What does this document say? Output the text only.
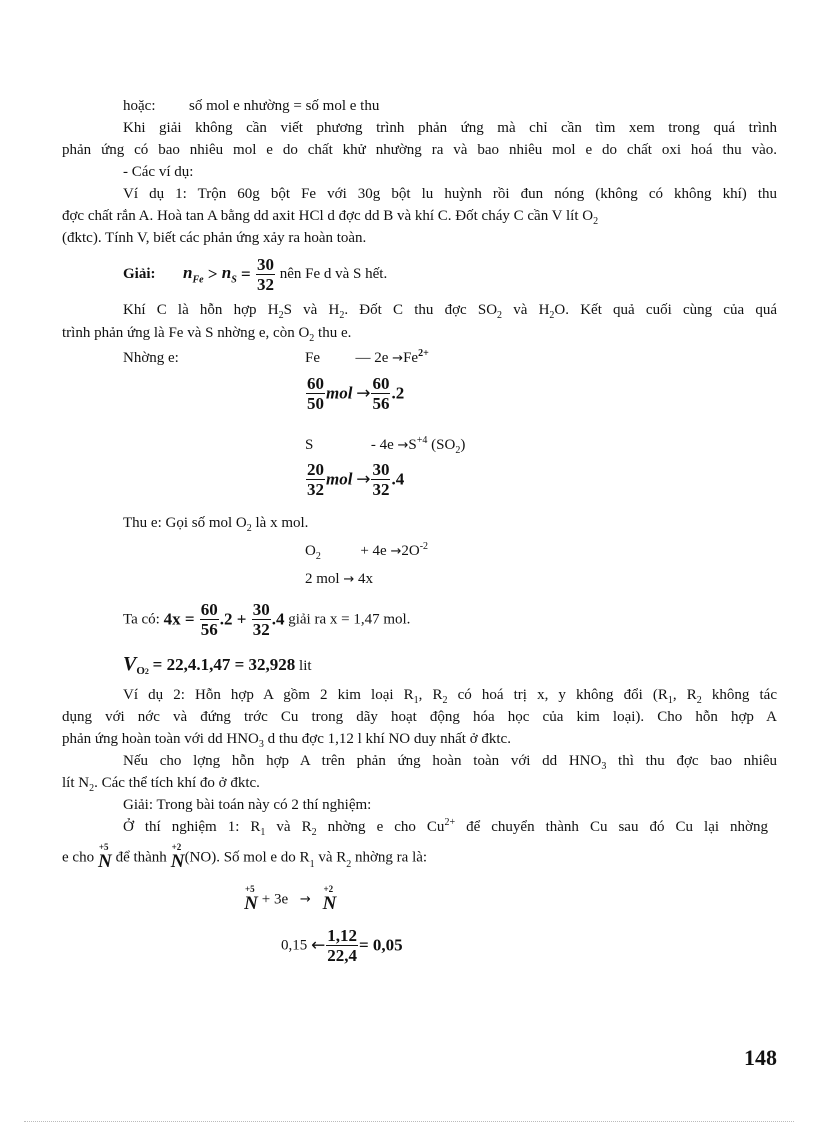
hoặc: số mol e nhường = số mol e thu
Khi giải không cần viết phương trình phản ứng mà chỉ cần tìm xem trong quá trình
phản ứng có bao nhiêu mol e do chất khử nhường ra và bao nhiêu mol e do chất oxi hoá thu vào.
- Các ví dụ:
Ví dụ 1: Trộn 60g bột Fe với 30g bột lu huỳnh rồi đun nóng (không có không khí) thu
đợc chất rắn A. Hoà tan A bằng dd axit HCl d đợc dd B và khí C. Đốt cháy C cần V lít $O_2$
(đktc). Tính V, biết các phản ứng xảy ra hoàn toàn.
Giải: $n_{Fe} > n_S = \frac{30}{32}$ nên Fe d và S hết.
Khí C là hỗn hợp $H_2S$ và $H_2$. Đốt C thu đợc $SO_2$ và $H_2O$. Kết quả cuối cùng của quá
trình phản ứng là Fe và S nhờng e, còn $O_2$ thu e.
Nhờng e:	Fe — $2e \to Fe^{2+}$
$\frac{60}{50}$ mol → $\frac{60}{56} .2$
S	- $4e \to S^{+4}$ $(SO_2)$
$\frac{20}{32}$ mol → $\frac{30}{32} .4$
Thu e: Gọi số mol $O_2$ là x mol.
$O_2$	+ $4e \to 2O^{-2}$
2 mol → 4x
Ta có: $4x = \frac{60}{56} .2 + \frac{30}{32} .4$ giải ra x = 1,47 mol.
$V_{O2} = 22,4.1,47 = 32,928$ lit
Ví dụ 2: Hỗn hợp A gồm 2 kim loại $R_1$, $R_2$ có hoá trị x, y không đổi ($R_1$, $R_2$ không tác
dụng với nớc và đứng trớc Cu trong dãy hoạt động hóa học của kim loại). Cho hỗn hợp A
phản ứng hoàn toàn với dd $HNO_3$ d thu đợc 1,12 l khí NO duy nhất ở đktc.
Nếu cho lợng hỗn hợp A trên phản ứng hoàn toàn với dd $HNO_3$ thì thu đợc bao nhiêu
lít $N_2$. Các thể tích khí đo ở đktc.
Giải: Trong bài toán này có 2 thí nghiệm:
Ở thí nghiệm 1: $R_1$ và $R_2$ nhờng e cho $Cu^{2+}$ để chuyển thành Cu sau đó Cu lại nhờng
e cho
+5
N để thành
+2
N(NO). Số mol e do $R_1$ và $R_2$ nhờng ra là:
+5
N + 3e →
+2
N
0,15 ← $\frac{1,12}{22,4} = 0,05$
148
